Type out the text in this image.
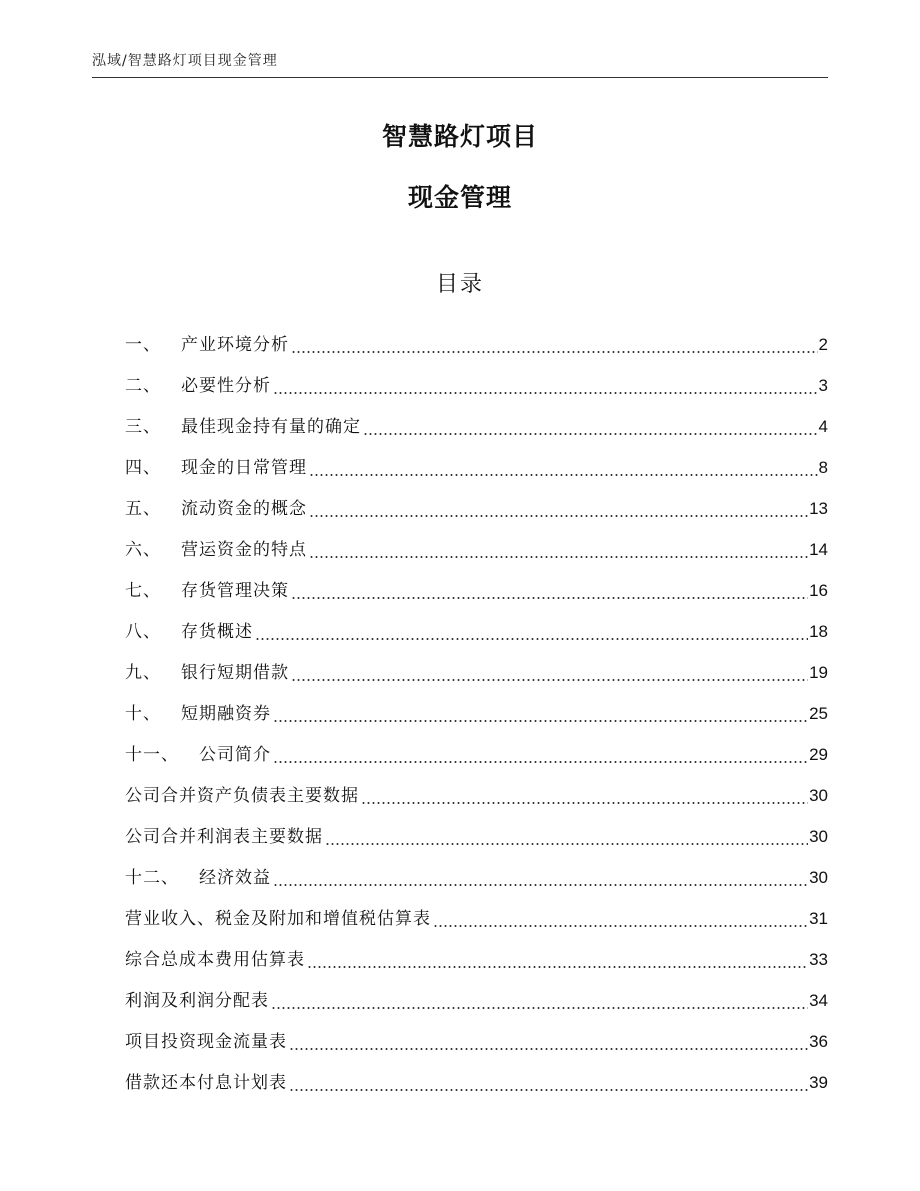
泓域/智慧路灯项目现金管理
智慧路灯项目
现金管理
目录
一、 产业环境分析	2
二、 必要性分析	3
三、 最佳现金持有量的确定	4
四、 现金的日常管理	8
五、 流动资金的概念	13
六、 营运资金的特点	14
七、 存货管理决策	16
八、 存货概述	18
九、 银行短期借款	19
十、 短期融资券	25
十一、 公司简介	29
公司合并资产负债表主要数据	30
公司合并利润表主要数据	30
十二、 经济效益	30
营业收入、税金及附加和增值税估算表	31
综合总成本费用估算表	33
利润及利润分配表	34
项目投资现金流量表	36
借款还本付息计划表	39
